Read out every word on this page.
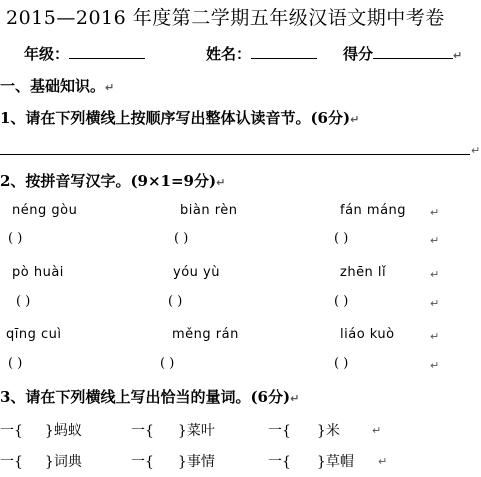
2015—2016 年度第二学期五年级汉语文期中考卷
年级：	姓名：	得分	↵
一、基础知识。↵
1、请在下列横线上按顺序写出整体认读音节。(6分)↵
↵
2、按拼音写汉字。(9×1=9分)↵
néng gòu	biàn rèn	fán máng ↵
( )	( )	( )	↵
pò huài	yóu yù	zhēn lǐ	↵
( )	( )	( )	↵
qīng cuì	měng rán	liáo kuò	↵
( )	( )	( )	↵
3、请在下列横线上写出恰当的量词。(6分)↵
一{ }蚂蚁	一{ }菜叶	一{ }米	↵
一{ }词典	一{ }事情	一{ }草帽 ↵
